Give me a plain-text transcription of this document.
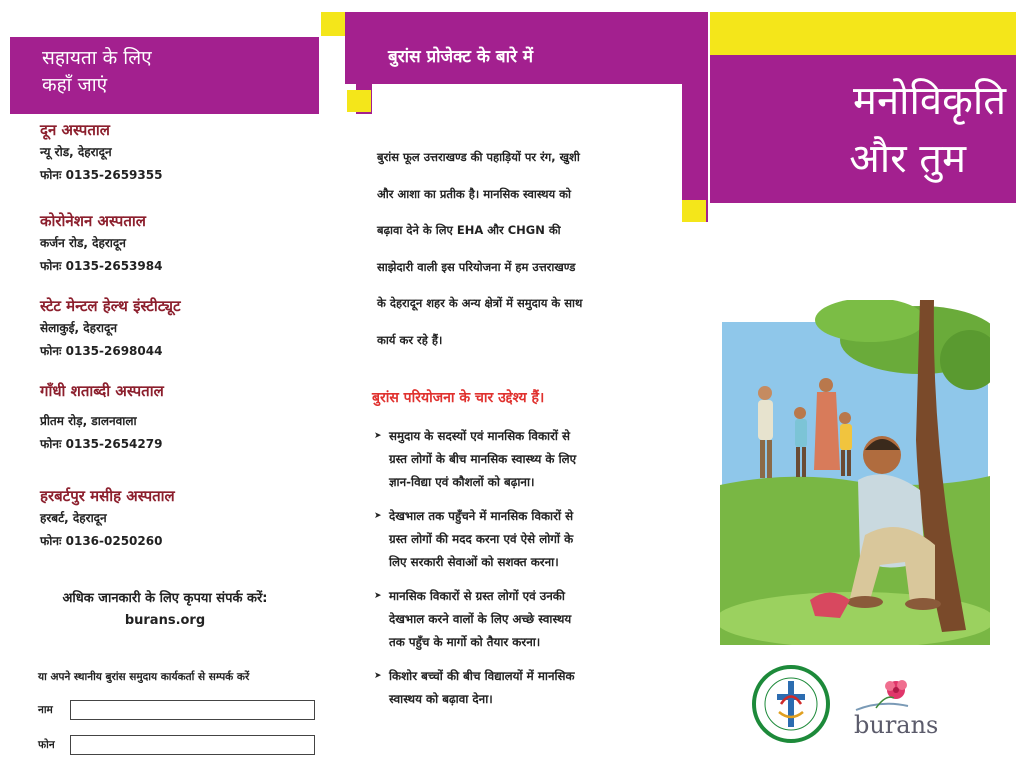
सहायता के लिए
कहाँ जाएं
दून अस्पताल
न्यू रोड, देहरादून
फोनः 0135-2659355
कोरोनेशन अस्पताल
कर्जन रोड, देहरादून
फोनः 0135-2653984
स्टेट मेन्टल हेल्थ इंस्टीट्यूट
सेलाकुई, देहरादून
फोनः 0135-2698044
गाँधी शताब्दी अस्पताल
प्रीतम रोड़, डालनवाला
फोनः 0135-2654279
हरबर्टपुर मसीह अस्पताल
हरबर्ट, देहरादून
फोनः 0136-0250260
अधिक जानकारी के लिए कृपया संपर्क करें:
burans.org
या अपने स्थानीय बुरांस समुदाय कार्यकर्ता से सम्पर्क करें
नाम
फोन
बुरांस प्रोजेक्ट के बारे में
बुरांस फूल उत्तराखण्ड की पहाड़ियों पर रंग, खुशी
और आशा का प्रतीक है। मानसिक स्वास्थय को
बढ़ावा देने के लिए EHA और CHGN की
साझेदारी वाली इस परियोजना में हम उत्तराखण्ड
के देहरादून शहर के अन्य क्षेत्रों में समुदाय के साथ
कार्य कर रहे हैं।
बुरांस परियोजना के चार उद्देश्य हैं।
➤ समुदाय के सदस्यों एवं मानसिक विकारों से
ग्रस्त लोगों के बीच मानसिक स्वास्थ्य के लिए
ज्ञान-विद्या एवं कौशलों को बढ़ाना।
➤ देखभाल तक पहुँचने में मानसिक विकारों से
ग्रस्त लोगों की मदद करना एवं ऐसे लोगों के
लिए सरकारी सेवाओं को सशक्त करना।
➤ मानसिक विकारों से ग्रस्त लोगों एवं उनकी
देखभाल करने वालों के लिए अच्छे स्वास्थय
तक पहुँच के मार्गो को तैयार करना।
➤ किशोर बच्चों की बीच विद्यालयों में मानसिक
स्वास्थय को बढ़ावा देना।
मनोविकृति
और तुम
burans
